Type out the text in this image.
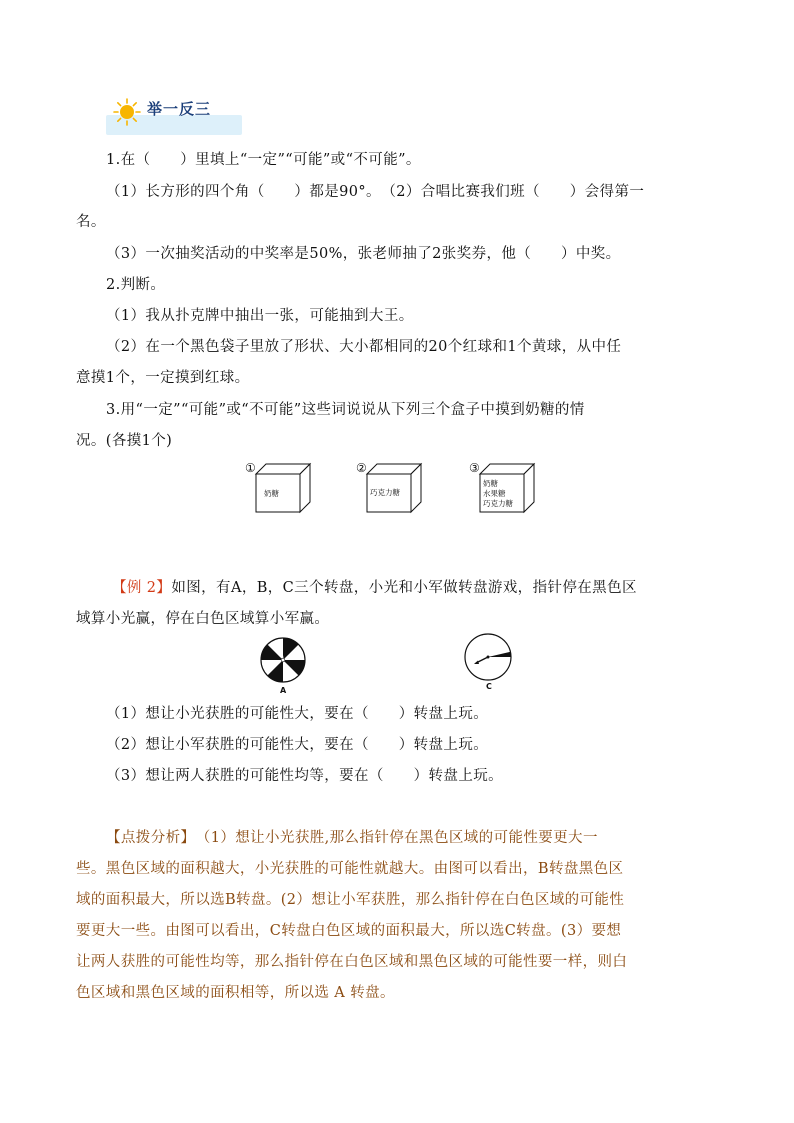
举一反三
1.在（　　）里填上“一定”“可能”或“不可能”。
（1）长方形的四个角（　　）都是90°。　（2）合唱比赛我们班（　　）会得第一
名。
（3）一次抽奖活动的中奖率是50%，张老师抽了2张奖券，他（　　）中奖。
2.判断。
（1）我从扑克牌中抽出一张，可能抽到大王。
（2）在一个黑色袋子里放了形状、大小都相同的20个红球和1个黄球，从中任
意摸1个，一定摸到红球。
3.用“一定”“可能”或“不可能”这些词说说从下列三个盒子中摸到奶糖的情
况。(各摸1个)
①
奶糖
②
巧克力糖
③
奶糖
水果糖
巧克力糖
【例 2】如图，有A，B，C三个转盘，小光和小军做转盘游戏，指针停在黑色区
域算小光赢，停在白色区域算小军赢。
A	C
（1）想让小光获胜的可能性大，要在（　　）转盘上玩。
（2）想让小军获胜的可能性大，要在（　　）转盘上玩。
（3）想让两人获胜的可能性均等，要在（　　）转盘上玩。
【点拨分析】　（1）想让小光获胜,那么指针停在黑色区域的可能性要更大一
些。黑色区域的面积越大，小光获胜的可能性就越大。由图可以看出，B转盘黑色区
域的面积最大，所以选B转盘。(2）想让小军获胜，那么指针停在白色区域的可能性
要更大一些。由图可以看出，C转盘白色区域的面积最大，所以选C转盘。(3）要想
让两人获胜的可能性均等，那么指针停在白色区域和黑色区域的可能性要一样，则白
色区域和黑色区域的面积相等，所以选 A 转盘。
